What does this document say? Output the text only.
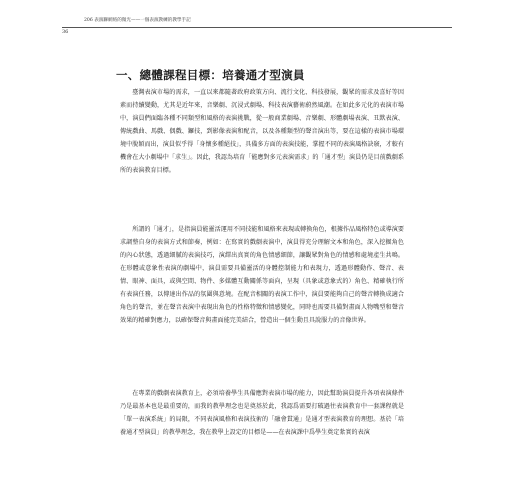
206 表演聯網絡的微光——一個表演教練的教學手記
36
一、總體課程目標：培養通才型演員

臺灣表演市場的需求，一直以來都隨著政府政策方向、流行文化、科技發展，觀眾的需求及喜好等因素而持續變動，尤其是近年來，音樂劇、沉浸式劇場、科技表演藝術蔚然風潮。在如此多元化的表演市場中，演員們面臨各種不同類型和風格的表演挑戰，從一般商業劇場、音樂劇、形體劇場表演、丑默表演、傳統戲曲、馬戲、偶戲、鑼技，到影像表演和配音，以及各種類型的聲音演出等，要在這樣的表演市場環境中脫穎而出，演員似乎得「身懷多種絕技」，具備多方面的表演技能，掌握不同的表演風格訣竅，才較有機會在大小劇場中「求生」。因此，我認為培育「能應對多元表演需求」的「通才型」演員仍是目前戲劇系所的表演教育目標。

所謂的「通才」，是指演員能靈活運用不同技能和風格來表現或轉換角色，根據作品風格特色或導演要求調整自身的表演方式和節奏，例如：在寫實的戲劇表演中，演員得充分理解文本和角色，深入挖掘角色的內心狀態，透過細膩的表演技巧，演繹出真實的角色情感細節，讓觀眾對角色的情感和處境產生共鳴。在形體或意象性表演的劇場中，演員需要具備靈活的身體控制能力和表現力，透過形體動作、聲音、表情、眼神、面具，或與空間、物件、多媒體互動關係等面向，呈現（具象或意象式的）角色、精確執行所有表演任務，以傳達出作品的氛圍與意境。在配音相關的表演工作中，演員要能夠自己的聲音轉換成適合角色的聲音，並在聲音表演中表現出角色的性格特徵和情感變化，同時也需要具備對畫面人物嘴型和聲音效果的精確對應力，以確保聲音與畫面能完美結合，營造出一個生動且具說服力的音像世界。

在專業的戲劇表演教育上，必須培養學生具備應對表演市場的能力，因此幫助演員提升各項表演條件乃是最基本也是最重要的，而我的教學理念也是奠基於此，我認爲需要打破過往表演教育中一套課程就是「單一表演系統」的局限，不同表演風格和表演技術的「融會貫通」是通才型表演教育的理想。基於「培養通才型演員」的教學理念，我在教學上設定的目標是——在表演課中爲學生奠定紮實的表演
